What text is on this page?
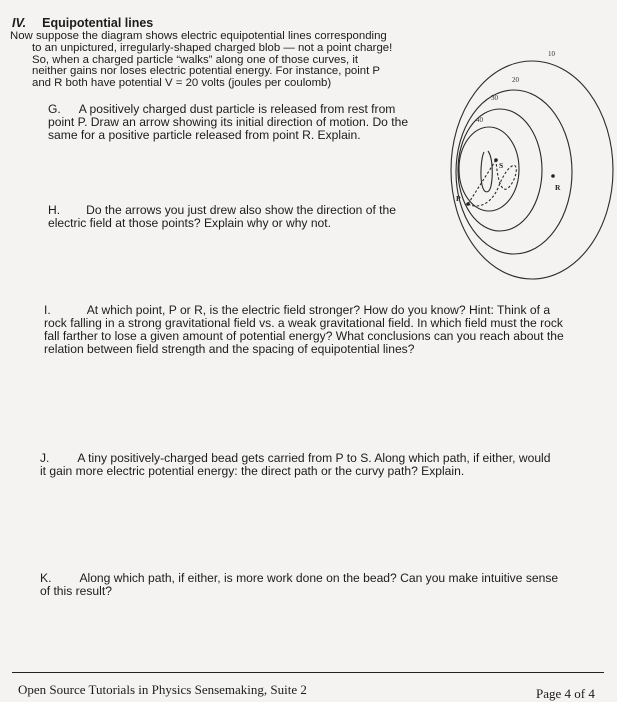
IV. Equipotential lines
Now suppose the diagram shows electric equipotential lines corresponding
to an unpictured, irregularly-shaped charged blob — not a point charge!
So, when a charged particle “walks” along one of those curves, it
neither gains nor loses electric potential energy. For instance, point P
and R both have potential V = 20 volts (joules per coulomb)
G. A positively charged dust particle is released from rest from
point P. Draw an arrow showing its initial direction of motion. Do the
same for a positive particle released from point R. Explain.
H. Do the arrows you just drew also show the direction of the
electric field at those points? Explain why or why not.
I.	At which point, P or R, is the electric field stronger? How do you know? Hint: Think of a
rock falling in a strong gravitational field vs. a weak gravitational field. In which field must the rock
fall farther to lose a given amount of potential energy? What conclusions can you reach about the
relation between field strength and the spacing of equipotential lines?
J. A tiny positively-charged bead gets carried from P to S. Along which path, if either, would
it gain more electric potential energy: the direct path or the curvy path? Explain.
K. Along which path, if either, is more work done on the bead? Can you make intuitive sense
of this result?
10
20
30
40
P
R
S
Open Source Tutorials in Physics Sensemaking, Suite 2	Page 4 of 4
